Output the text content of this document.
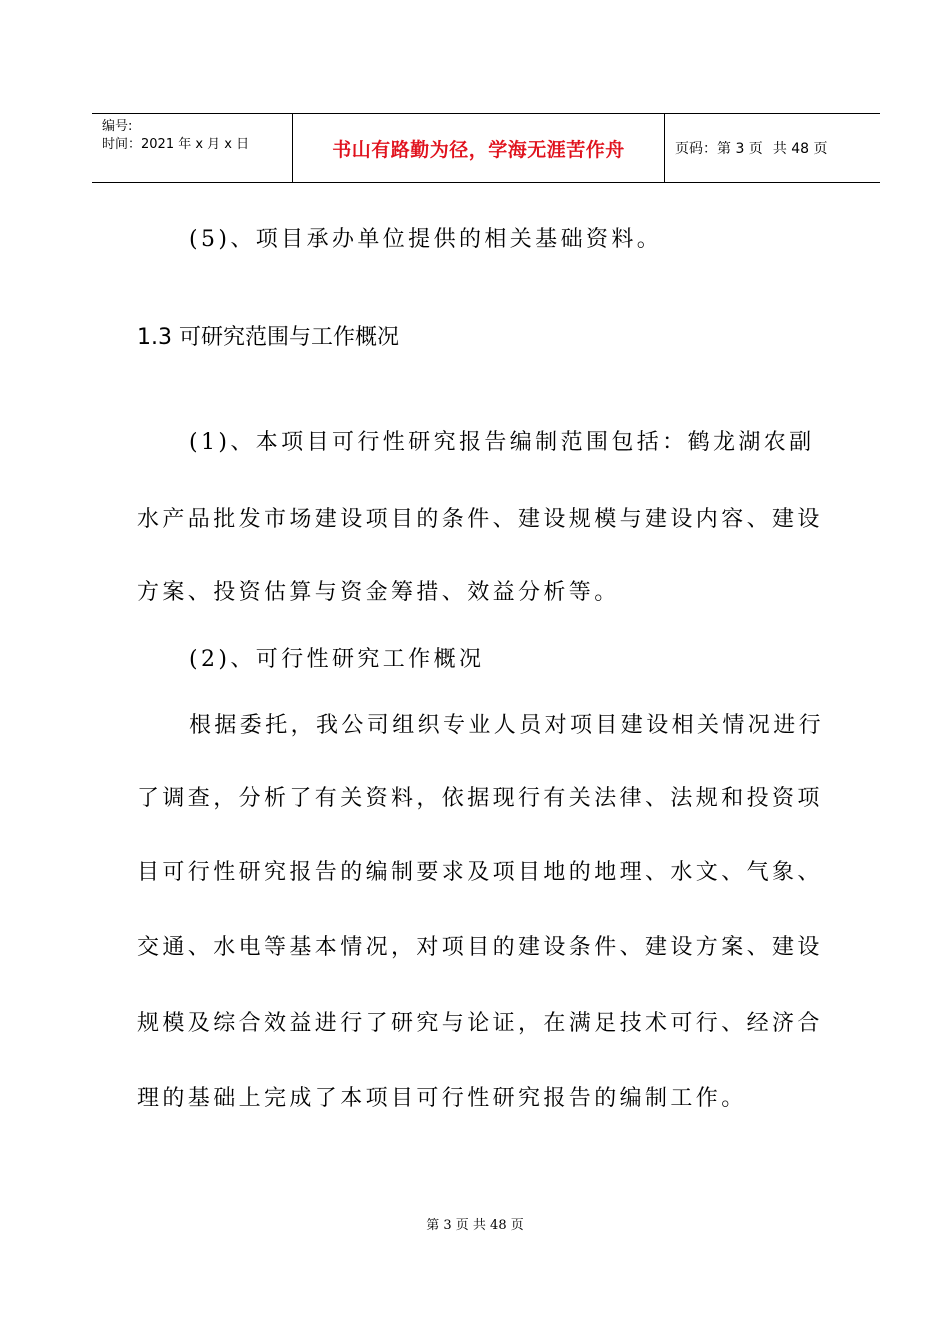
编号:
时间：2021 年 x 月 x 日	书山有路勤为径，学海无涯苦作舟	页码：第 3 页 共 48 页
(5)、项目承办单位提供的相关基础资料。
1.3 可研究范围与工作概况
(1)、本项目可行性研究报告编制范围包括：鹤龙湖农副
水产品批发市场建设项目的条件、建设规模与建设内容、建设
方案、投资估算与资金筹措、效益分析等。
(2)、可行性研究工作概况
根据委托，我公司组织专业人员对项目建设相关情况进行
了调查，分析了有关资料，依据现行有关法律、法规和投资项
目可行性研究报告的编制要求及项目地的地理、水文、气象、
交通、水电等基本情况，对项目的建设条件、建设方案、建设
规模及综合效益进行了研究与论证，在满足技术可行、经济合
理的基础上完成了本项目可行性研究报告的编制工作。
第 3 页 共 48 页
